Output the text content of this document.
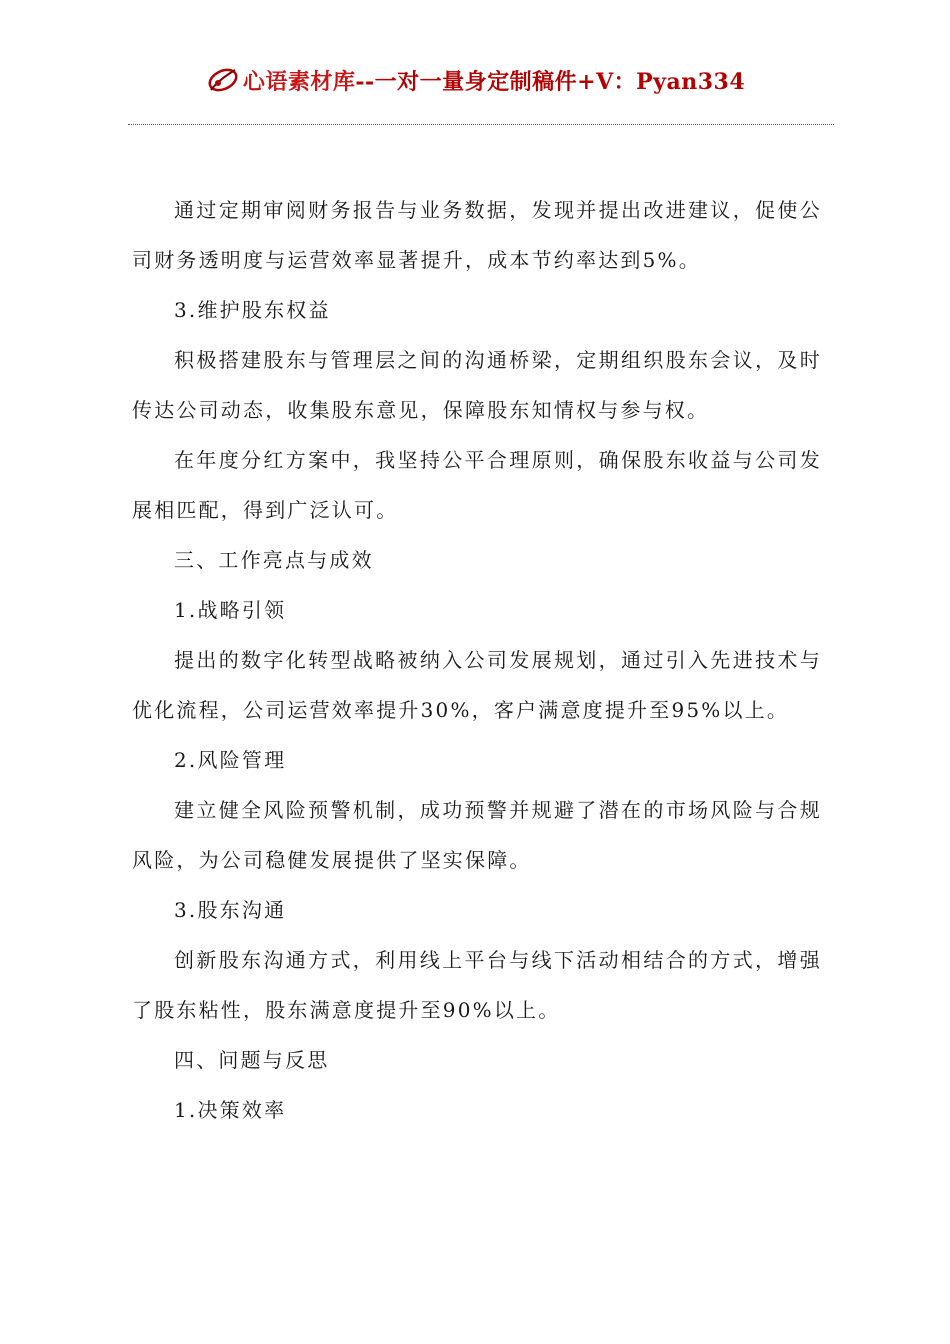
心语素材库--一对一量身定制稿件+V：Pyan334

通过定期审阅财务报告与业务数据，发现并提出改进建议，促使公司财务透明度与运营效率显著提升，成本节约率达到5%。

3.维护股东权益

积极搭建股东与管理层之间的沟通桥梁，定期组织股东会议，及时传达公司动态，收集股东意见，保障股东知情权与参与权。

在年度分红方案中，我坚持公平合理原则，确保股东收益与公司发展相匹配，得到广泛认可。

三、工作亮点与成效

1.战略引领

提出的数字化转型战略被纳入公司发展规划，通过引入先进技术与优化流程，公司运营效率提升30%，客户满意度提升至95%以上。

2.风险管理

建立健全风险预警机制，成功预警并规避了潜在的市场风险与合规风险，为公司稳健发展提供了坚实保障。

3.股东沟通

创新股东沟通方式，利用线上平台与线下活动相结合的方式，增强了股东粘性，股东满意度提升至90%以上。

四、问题与反思

1.决策效率
